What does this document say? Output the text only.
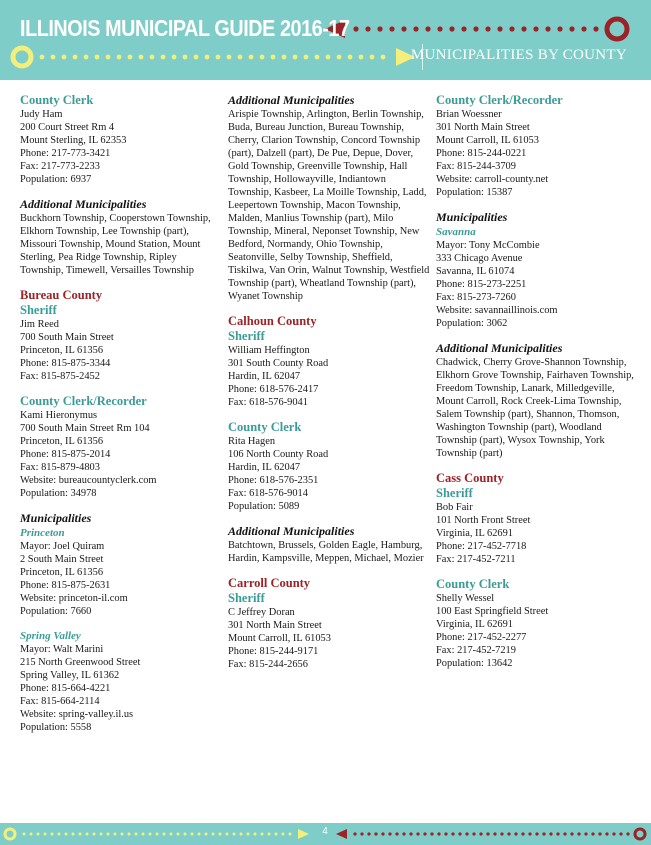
ILLINOIS MUNICIPAL GUIDE 2016-17
MUNICIPALITIES BY COUNTY
County Clerk
Judy Ham
200 Court Street Rm 4
Mount Sterling, IL 62353
Phone: 217-773-3421
Fax: 217-773-2233
Population: 6937
Additional Municipalities
Buckhorn Township, Cooperstown Township, Elkhorn Township, Lee Township (part), Missouri Township, Mound Station, Mount Sterling, Pea Ridge Township, Ripley Township, Timewell, Versailles Township
Bureau County
Sheriff
Jim Reed
700 South Main Street
Princeton, IL 61356
Phone: 815-875-3344
Fax: 815-875-2452
County Clerk/Recorder
Kami Hieronymus
700 South Main Street Rm 104
Princeton, IL 61356
Phone: 815-875-2014
Fax: 815-879-4803
Website: bureaucountyclerk.com
Population: 34978
Municipalities
Princeton
Mayor: Joel Quiram
2 South Main Street
Princeton, IL 61356
Phone: 815-875-2631
Website: princeton-il.com
Population: 7660
Spring Valley
Mayor: Walt Marini
215 North Greenwood Street
Spring Valley, IL 61362
Phone: 815-664-4221
Fax: 815-664-2114
Website: spring-valley.il.us
Population: 5558
Additional Municipalities
Arispie Township, Arlington, Berlin Township, Buda, Bureau Junction, Bureau Township, Cherry, Clarion Township, Concord Township (part), Dalzell (part), De Pue, Depue, Dover, Gold Township, Greenville Township, Hall Township, Hollowayville, Indiantown Township, Kasbeer, La Moille Township, Ladd, Leepertown Township, Macon Township, Malden, Manlius Township (part), Milo Township, Mineral, Neponset Township, New Bedford, Normandy, Ohio Township, Seatonville, Selby Township, Sheffield, Tiskilwa, Van Orin, Walnut Township, Westfield Township (part), Wheatland Township (part), Wyanet Township
Calhoun County
Sheriff
William Heffington
301 South County Road
Hardin, IL 62047
Phone: 618-576-2417
Fax: 618-576-9041
County Clerk
Rita Hagen
106 North County Road
Hardin, IL 62047
Phone: 618-576-2351
Fax: 618-576-9014
Population: 5089
Additional Municipalities
Batchtown, Brussels, Golden Eagle, Hamburg, Hardin, Kampsville, Meppen, Michael, Mozier
Carroll County
Sheriff
C Jeffrey Doran
301 North Main Street
Mount Carroll, IL 61053
Phone: 815-244-9171
Fax: 815-244-2656
County Clerk/Recorder
Brian Woessner
301 North Main Street
Mount Carroll, IL 61053
Phone: 815-244-0221
Fax: 815-244-3709
Website: carroll-county.net
Population: 15387
Municipalities
Savanna
Mayor: Tony McCombie
333 Chicago Avenue
Savanna, IL 61074
Phone: 815-273-2251
Fax: 815-273-7260
Website: savannaillinois.com
Population: 3062
Additional Municipalities
Chadwick, Cherry Grove-Shannon Township, Elkhorn Grove Township, Fairhaven Township, Freedom Township, Lanark, Milledgeville, Mount Carroll, Rock Creek-Lima Township, Salem Township (part), Shannon, Thomson, Washington Township (part), Woodland Township (part), Wysox Township, York Township (part)
Cass County
Sheriff
Bob Fair
101 North Front Street
Virginia, IL 62691
Phone: 217-452-7718
Fax: 217-452-7211
County Clerk
Shelly Wessel
100 East Springfield Street
Virginia, IL 62691
Phone: 217-452-2277
Fax: 217-452-7219
Population: 13642
4
